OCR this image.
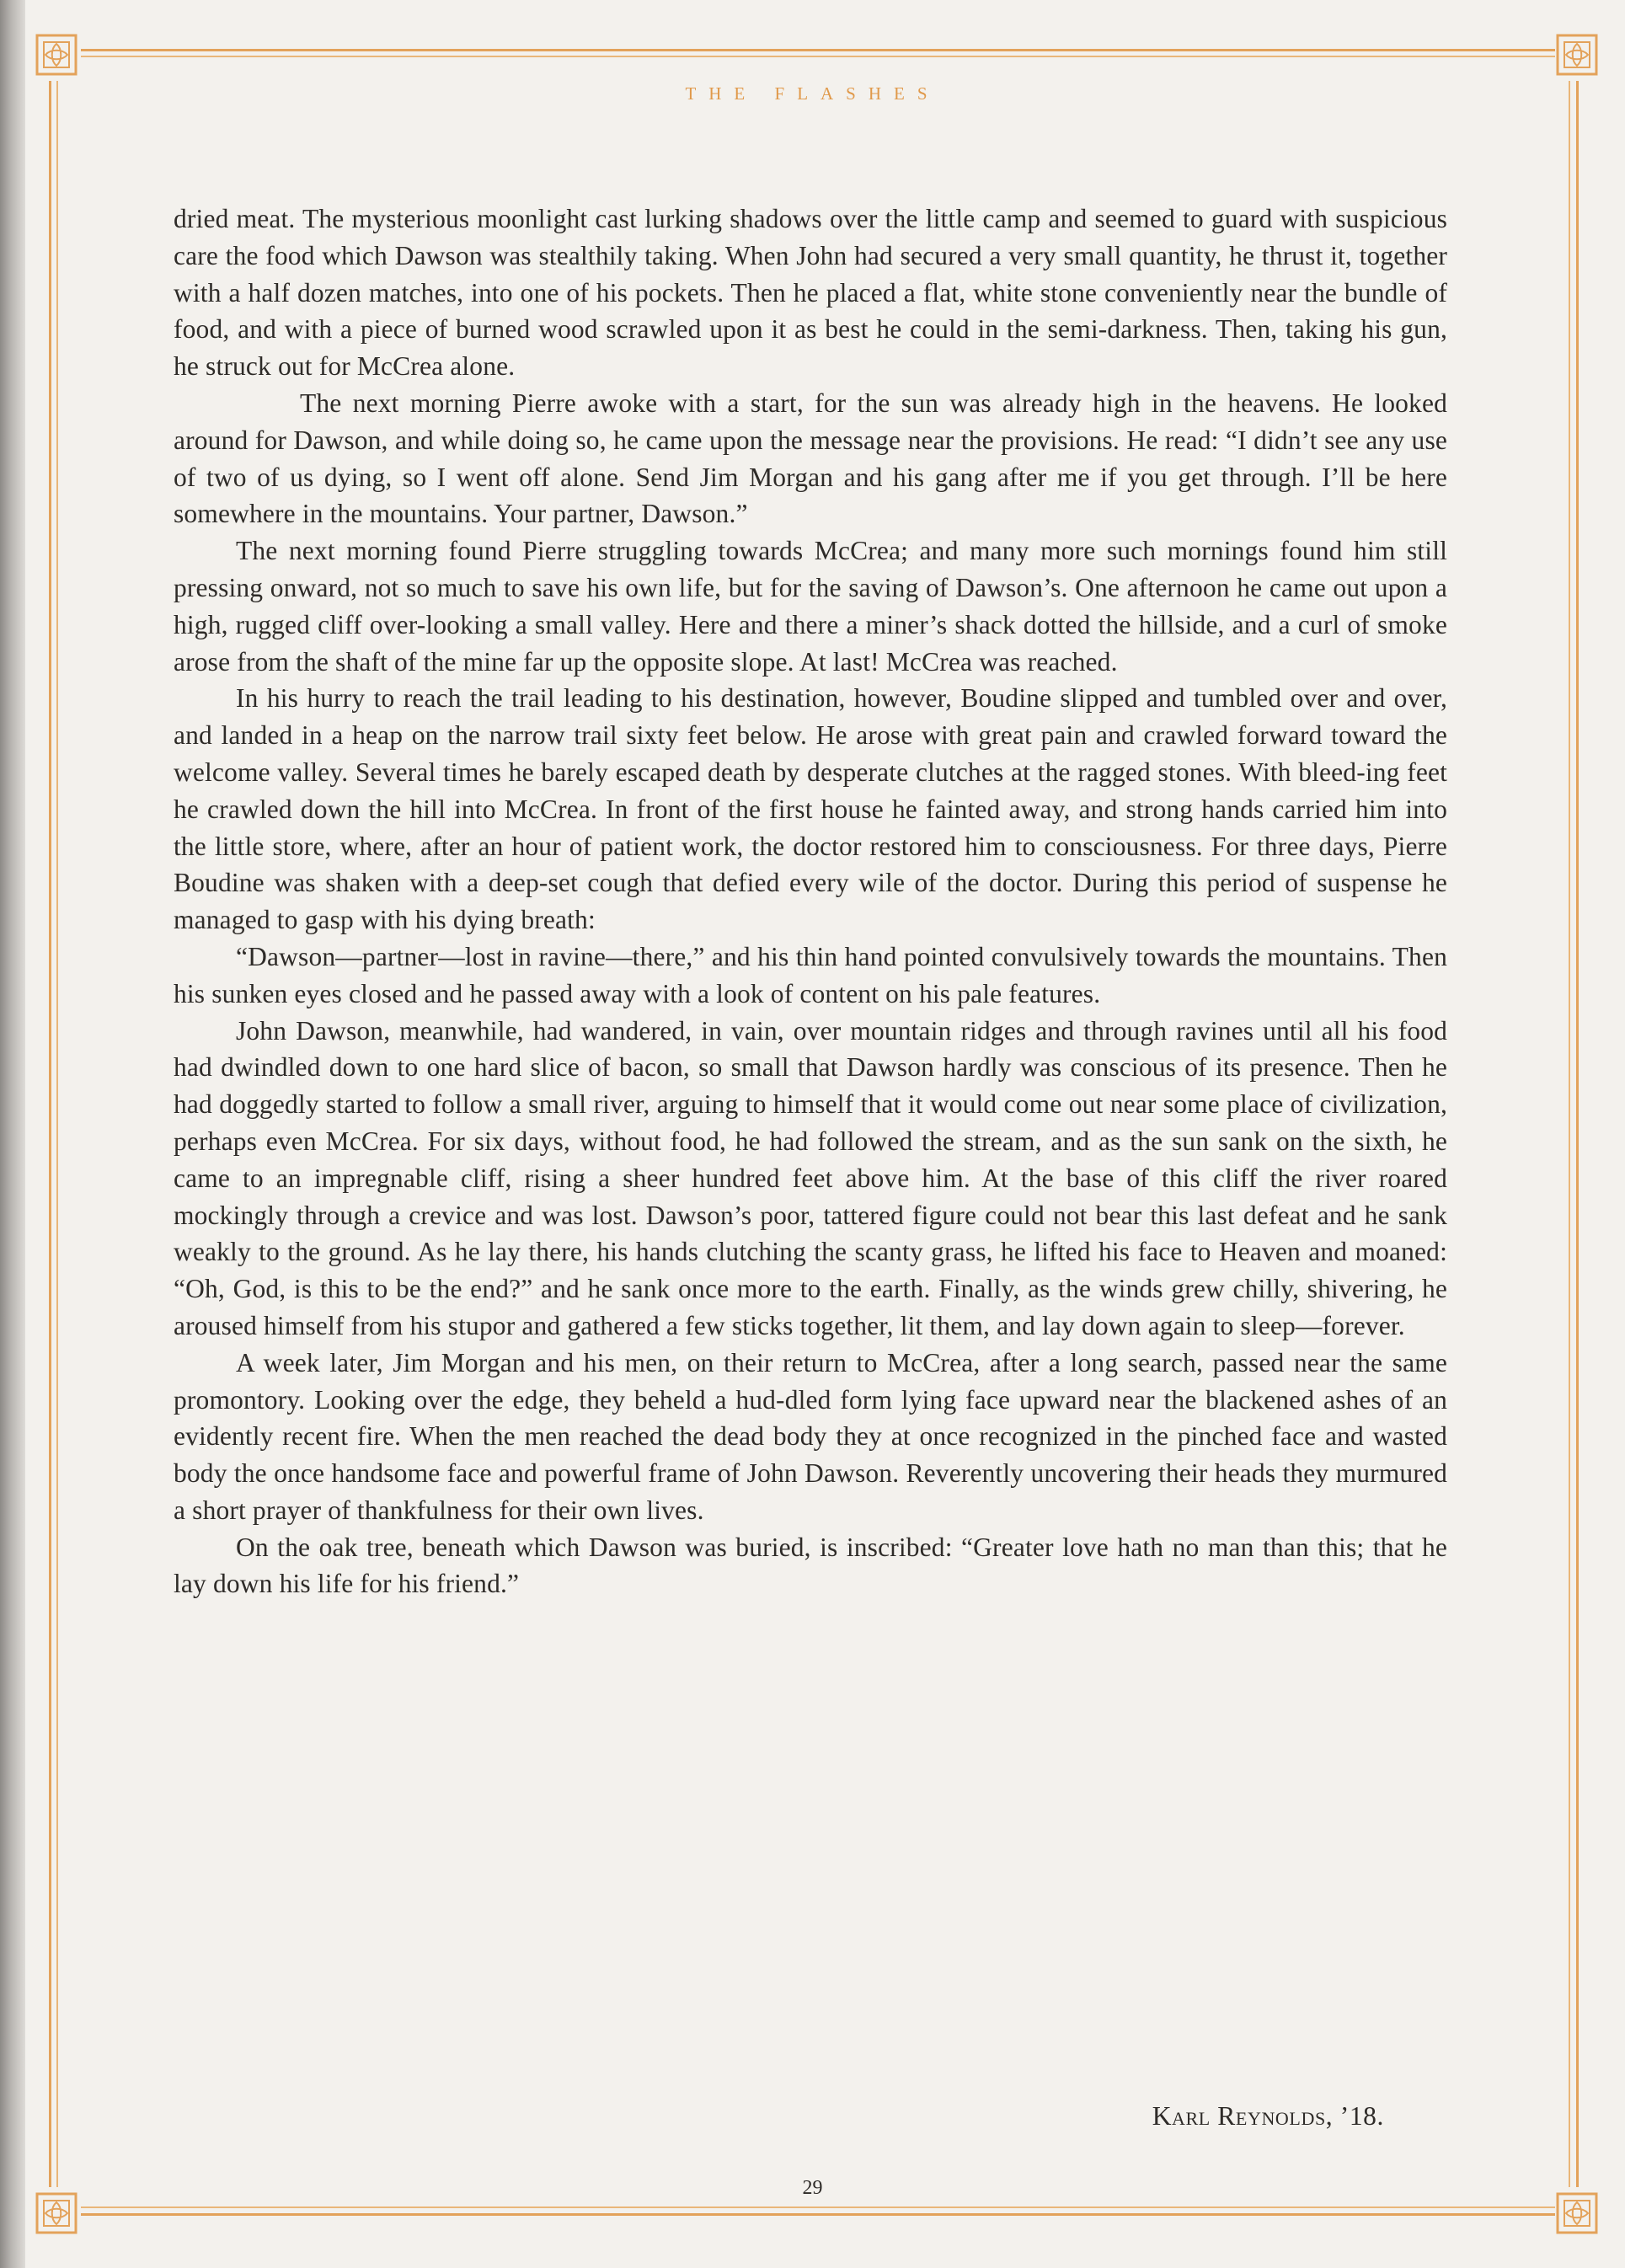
THE FLASHES

dried meat. The mysterious moonlight cast lurking shadows over the little camp and seemed to guard with suspicious care the food which Dawson was stealthily taking. When John had secured a very small quantity, he thrust it, together with a half dozen matches, into one of his pockets. Then he placed a flat, white stone conveniently near the bundle of food, and with a piece of burned wood scrawled upon it as best he could in the semi-darkness. Then, taking his gun, he struck out for McCrea alone.

The next morning Pierre awoke with a start, for the sun was already high in the heavens. He looked around for Dawson, and while doing so, he came upon the message near the provisions. He read: “I didn’t see any use of two of us dying, so I went off alone. Send Jim Morgan and his gang after me if you get through. I’ll be here somewhere in the mountains. Your partner, Dawson.”

The next morning found Pierre struggling towards McCrea; and many more such mornings found him still pressing onward, not so much to save his own life, but for the saving of Dawson’s. One afternoon he came out upon a high, rugged cliff over-looking a small valley. Here and there a miner’s shack dotted the hillside, and a curl of smoke arose from the shaft of the mine far up the opposite slope. At last! McCrea was reached.

In his hurry to reach the trail leading to his destination, however, Boudine slipped and tumbled over and over, and landed in a heap on the narrow trail sixty feet below. He arose with great pain and crawled forward toward the welcome valley. Several times he barely escaped death by desperate clutches at the ragged stones. With bleed-ing feet he crawled down the hill into McCrea. In front of the first house he fainted away, and strong hands carried him into the little store, where, after an hour of patient work, the doctor restored him to consciousness. For three days, Pierre Boudine was shaken with a deep-set cough that defied every wile of the doctor. During this period of suspense he managed to gasp with his dying breath:

“Dawson—partner—lost in ravine—there,” and his thin hand pointed convulsively towards the mountains. Then his sunken eyes closed and he passed away with a look of content on his pale features.

John Dawson, meanwhile, had wandered, in vain, over mountain ridges and through ravines until all his food had dwindled down to one hard slice of bacon, so small that Dawson hardly was conscious of its presence. Then he had doggedly started to follow a small river, arguing to himself that it would come out near some place of civilization, perhaps even McCrea. For six days, without food, he had followed the stream, and as the sun sank on the sixth, he came to an impregnable cliff, rising a sheer hundred feet above him. At the base of this cliff the river roared mockingly through a crevice and was lost. Dawson’s poor, tattered figure could not bear this last defeat and he sank weakly to the ground. As he lay there, his hands clutching the scanty grass, he lifted his face to Heaven and moaned: “Oh, God, is this to be the end?” and he sank once more to the earth. Finally, as the winds grew chilly, shivering, he aroused himself from his stupor and gathered a few sticks together, lit them, and lay down again to sleep—forever.

A week later, Jim Morgan and his men, on their return to McCrea, after a long search, passed near the same promontory. Looking over the edge, they beheld a hud-dled form lying face upward near the blackened ashes of an evidently recent fire. When the men reached the dead body they at once recognized in the pinched face and wasted body the once handsome face and powerful frame of John Dawson. Reverently uncovering their heads they murmured a short prayer of thankfulness for their own lives.

On the oak tree, beneath which Dawson was buried, is inscribed: “Greater love hath no man than this; that he lay down his life for his friend.”

Karl Reynolds, ’18.
29
